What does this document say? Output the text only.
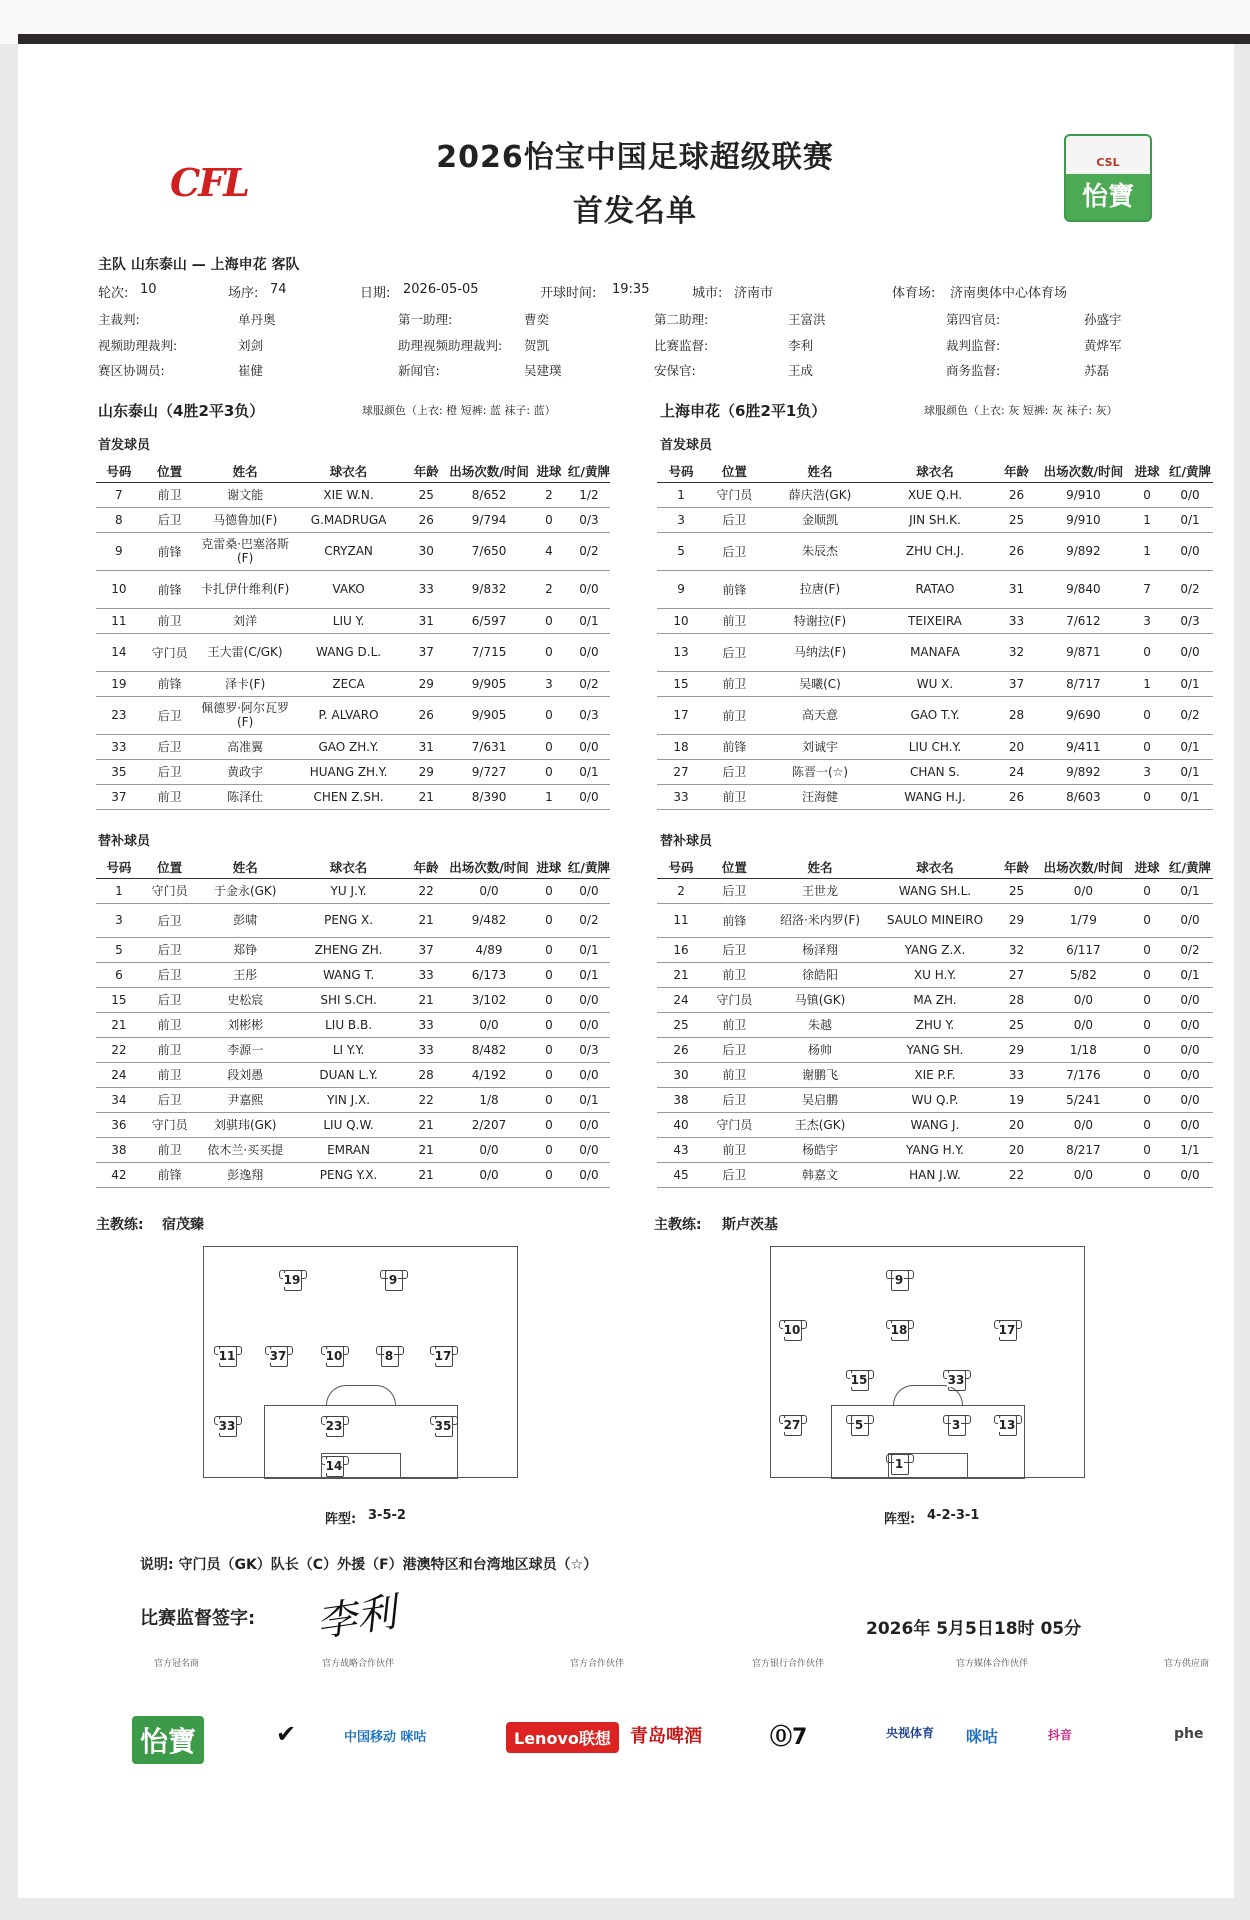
CFL
2026怡宝中国足球超级联赛
首发名单
CSL
怡寶
主队 山东泰山 — 上海申花 客队
轮次: 10	场序: 74	日期: 2026-05-05	开球时间: 19:35	城市: 济南市	体育场: 济南奥体中心体育场
主裁判:	单丹奥	第一助理:	曹奕	第二助理:	王富洪	第四官员:	孙盛宇
视频助理裁判:	刘剑	助理视频助理裁判: 贺凯	比赛监督:	李利	裁判监督:	黄烨军
赛区协调员:	崔健	新闻官:	吴建璞	安保官:	王成	商务监督:	苏磊
山东泰山（4胜2平3负）	球服颜色（上衣: 橙 短裤: 蓝 袜子: 蓝）	上海申花（6胜2平1负）	球服颜色（上衣: 灰 短裤: 灰 袜子: 灰）
首发球员	首发球员
号码	位置	姓名	球衣名	年龄	出场次数/时间	进球	红/黄牌
7	前卫	谢文能	XIE W.N.	25	8/652	2	1/2
8	后卫	马德鲁加(F)	G.MADRUGA	26	9/794	0	0/3
9	前锋	克雷桑·巴塞洛斯(F)	CRYZAN	30	7/650	4	0/2
10	前锋	卡扎伊什维利(F)	VAKO	33	9/832	2	0/0
11	前卫	刘洋	LIU Y.	31	6/597	0	0/1
14	守门员	王大雷(C/GK)	WANG D.L.	37	7/715	0	0/0
19	前锋	泽卡(F)	ZECA	29	9/905	3	0/2
23	后卫	佩德罗·阿尔瓦罗(F)	P. ALVARO	26	9/905	0	0/3
33	后卫	高准翼	GAO ZH.Y.	31	7/631	0	0/0
35	后卫	黄政宇	HUANG ZH.Y.	29	9/727	0	0/1
37	前卫	陈泽仕	CHEN Z.SH.	21	8/390	1	0/0
号码	位置	姓名	球衣名	年龄	出场次数/时间	进球	红/黄牌
1	守门员	薛庆浩(GK)	XUE Q.H.	26	9/910	0	0/0
3	后卫	金顺凯	JIN SH.K.	25	9/910	1	0/1
5	后卫	朱辰杰	ZHU CH.J.	26	9/892	1	0/0
9	前锋	拉唐(F)	RATAO	31	9/840	7	0/2
10	前卫	特谢拉(F)	TEIXEIRA	33	7/612	3	0/3
13	后卫	马纳法(F)	MANAFA	32	9/871	0	0/0
15	前卫	吴曦(C)	WU X.	37	8/717	1	0/1
17	前卫	高天意	GAO T.Y.	28	9/690	0	0/2
18	前锋	刘诚宇	LIU CH.Y.	20	9/411	0	0/1
27	后卫	陈晋一(☆)	CHAN S.	24	9/892	3	0/1
33	前卫	汪海健	WANG H.J.	26	8/603	0	0/1
替补球员	替补球员
号码	位置	姓名	球衣名	年龄	出场次数/时间	进球	红/黄牌
1	守门员	于金永(GK)	YU J.Y.	22	0/0	0	0/0
3	后卫	彭啸	PENG X.	21	9/482	0	0/2
5	后卫	郑铮	ZHENG ZH.	37	4/89	0	0/1
6	后卫	王彤	WANG T.	33	6/173	0	0/1
15	后卫	史松宸	SHI S.CH.	21	3/102	0	0/0
21	前卫	刘彬彬	LIU B.B.	33	0/0	0	0/0
22	前卫	李源一	LI Y.Y.	33	8/482	0	0/3
24	前卫	段刘愚	DUAN L.Y.	28	4/192	0	0/0
34	后卫	尹嘉熙	YIN J.X.	22	1/8	0	0/1
36	守门员	刘骐玮(GK)	LIU Q.W.	21	2/207	0	0/0
38	前卫	依木兰·买买提	EMRAN	21	0/0	0	0/0
42	前锋	彭逸翔	PENG Y.X.	21	0/0	0	0/0
号码	位置	姓名	球衣名	年龄	出场次数/时间	进球	红/黄牌
2	后卫	王世龙	WANG SH.L.	25	0/0	0	0/1
11	前锋	绍洛·米内罗(F)	SAULO MINEIRO	29	1/79	0	0/0
16	后卫	杨泽翔	YANG Z.X.	32	6/117	0	0/2
21	前卫	徐皓阳	XU H.Y.	27	5/82	0	0/1
24	守门员	马镇(GK)	MA ZH.	28	0/0	0	0/0
25	前卫	朱越	ZHU Y.	25	0/0	0	0/0
26	后卫	杨帅	YANG SH.	29	1/18	0	0/0
30	前卫	谢鹏飞	XIE P.F.	33	7/176	0	0/0
38	后卫	吴启鹏	WU Q.P.	19	5/241	0	0/0
40	守门员	王杰(GK)	WANG J.	20	0/0	0	0/0
43	前卫	杨皓宇	YANG H.Y.	20	8/217	0	1/1
45	后卫	韩嘉文	HAN J.W.	22	0/0	0	0/0
主教练: 宿茂臻	主教练: 斯卢茨基
19	9
11	37	10	8	17
33	23	35
14
9
10	18	17
15	33
27	5	3	13
1
阵型: 3-5-2	阵型: 4-2-3-1
说明: 守门员（GK）队长（C）外援（F）港澳特区和台湾地区球员（☆）
比赛监督签字: 李利	2026年 5月5日18时 05分
官方冠名商	官方战略合作伙伴	官方合作伙伴	官方银行合作伙伴	官方媒体合作伙伴	官方供应商
怡寶	✔	中国移动 咪咕	Lenovo联想	青岛啤酒	⓪7	央视体育 咪咕	抖音	phe
